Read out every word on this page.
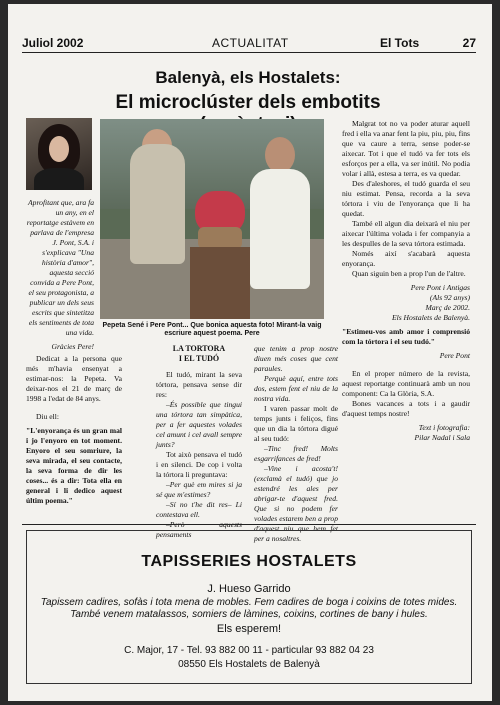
Juliol 2002	ACTUALITAT	El Tots	27
Balenyà, els Hostalets:
El microclúster dels embotits
Pepeta Sené i Pere Pont... Que bonica aquesta foto! Mirant-la vaig escriure aquest poema. Pere

Aprofitant que, ara fa un any, en el reportatge estàvem en parlava de l'empresa J. Pont, S.A. i s'explicava "Una història d'amor", aquesta secció convida a Pere Pont, el seu protagonista, a publicar un dels seus escrits que sintetitza els sentiments de tota una vida.

Gràcies Pere!

Dedicat a la persona que més m'havia ensenyat a estimar-nos: la Pepeta. Va deixar-nos el 21 de març de 1998 a l'edat de 84 anys.

Diu ell:

"L'enyorança és un gran mal i jo l'enyoro en tot moment. Enyoro el seu somriure, la seva mirada, el seu contacte, la seva forma de dir les coses... és a dir: Tota ella en general i li dedico aquest últim poema."

LA TORTORA
I EL TUDÓ

El tudó, mirant la seva tórtora, pensava sense dir res:

–És possible que tingui una tórtora tan simpàtica, per a fer aquestes volades cel amunt i cel avall sempre junts?

Tot això pensava el tudó i en silenci. De cop i volta la tórtora li preguntava:

–Per què em mires si ja sé que m'estimes?

–Sí no t'he dit res– Li contestava ell.

–Però aquests pensaments

que tenim a prop nostre diuen més coses que cent paraules.

Perquè aquí, entre tots dos, estem fent el niu de la nostra vida.

I varen passar molt de temps junts i feliços, fins que un dia la tórtora digué al seu tudó:

–Tinc fred! Molts esgarrifances de fred!

–Vine i acosta't! (exclamà el tudó) que jo estendré les ales per abrigar-te d'aquest fred. Que si no podem fer volades estarem ben a prop d'aquest niu que hem fet per a nosaltres.

Malgrat tot no va poder aturar aquell fred i ella va anar fent la piu, piu, piu, fins que va caure a terra, sense poder-se aixecar. Tot i que el tudó va fer tots els esforços per a ella, va ser inútil. No podia volar i allà, estesa a terra, es va quedar.

Des d'aleshores, el tudó guarda el seu niu estimat. Pensa, recorda a la seva tórtora i viu de l'enyorança que li ha quedat.

També ell algun dia deixarà el niu per aixecar l'última volada i fer companyia a les despulles de la seva tórtora estimada.

Només així s'acabarà aquesta enyorança.

Quan siguin ben a prop l'un de l'altre.

Pere Pont i Antigas

(Als 92 anys)

Març de 2002.

Els Hostalets de Balenyà.

"Estimeu-vos amb amor i comprensió com la tórtora i el seu tudó."

Pere Pont

En el proper número de la revista, aquest reportatge continuarà amb un nou component: Ca la Glòria, S.A.

Bones vacances a tots i a gaudir d'aquest temps nostre!

Text i fotografia:

Pilar Nadal i Sala

TAPISSERIES HOSTALETS
J. Hueso Garrido
Tapissem cadires, sofàs i tota mena de mobles. Fem cadires de boga i coixins de totes mides.
També venem matalassos, somiers de làmines, coixins, cortines de bany i hules.
Els esperem!
C. Major, 17 - Tel. 93 882 00 11 - particular 93 882 04 23
08550 Els Hostalets de Balenyà
